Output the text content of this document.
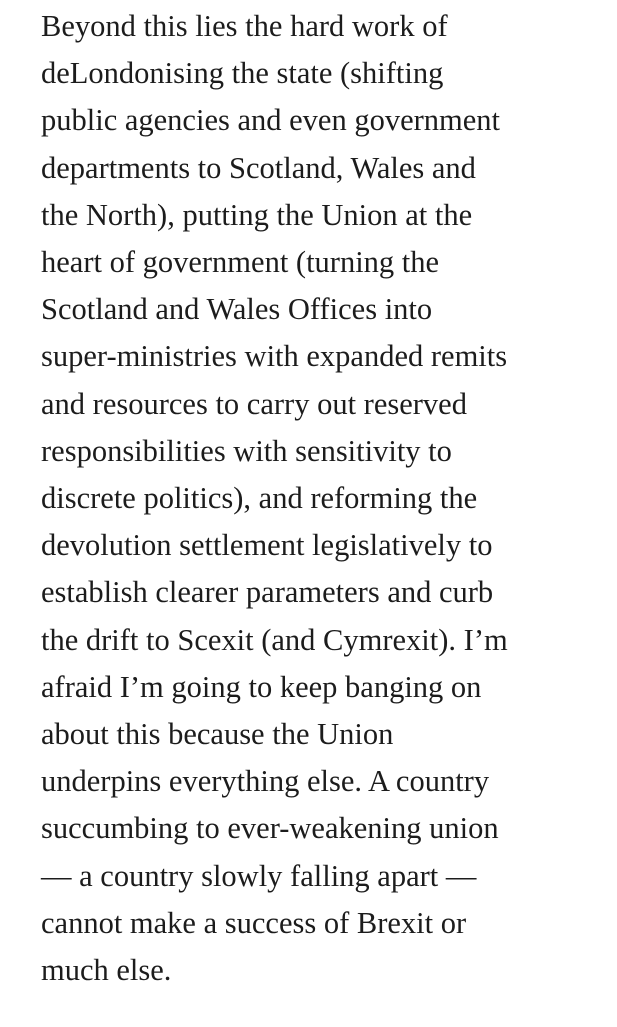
Beyond this lies the hard work of
deLondonising the state (shifting
public agencies and even government
departments to Scotland, Wales and
the North), putting the Union at the
heart of government (turning the
Scotland and Wales Offices into
super-ministries with expanded remits
and resources to carry out reserved
responsibilities with sensitivity to
discrete politics), and reforming the
devolution settlement legislatively to
establish clearer parameters and curb
the drift to Scexit (and Cymrexit). I’m
afraid I’m going to keep banging on
about this because the Union
underpins everything else. A country
succumbing to ever-weakening union
— a country slowly falling apart —
cannot make a success of Brexit or
much else.
